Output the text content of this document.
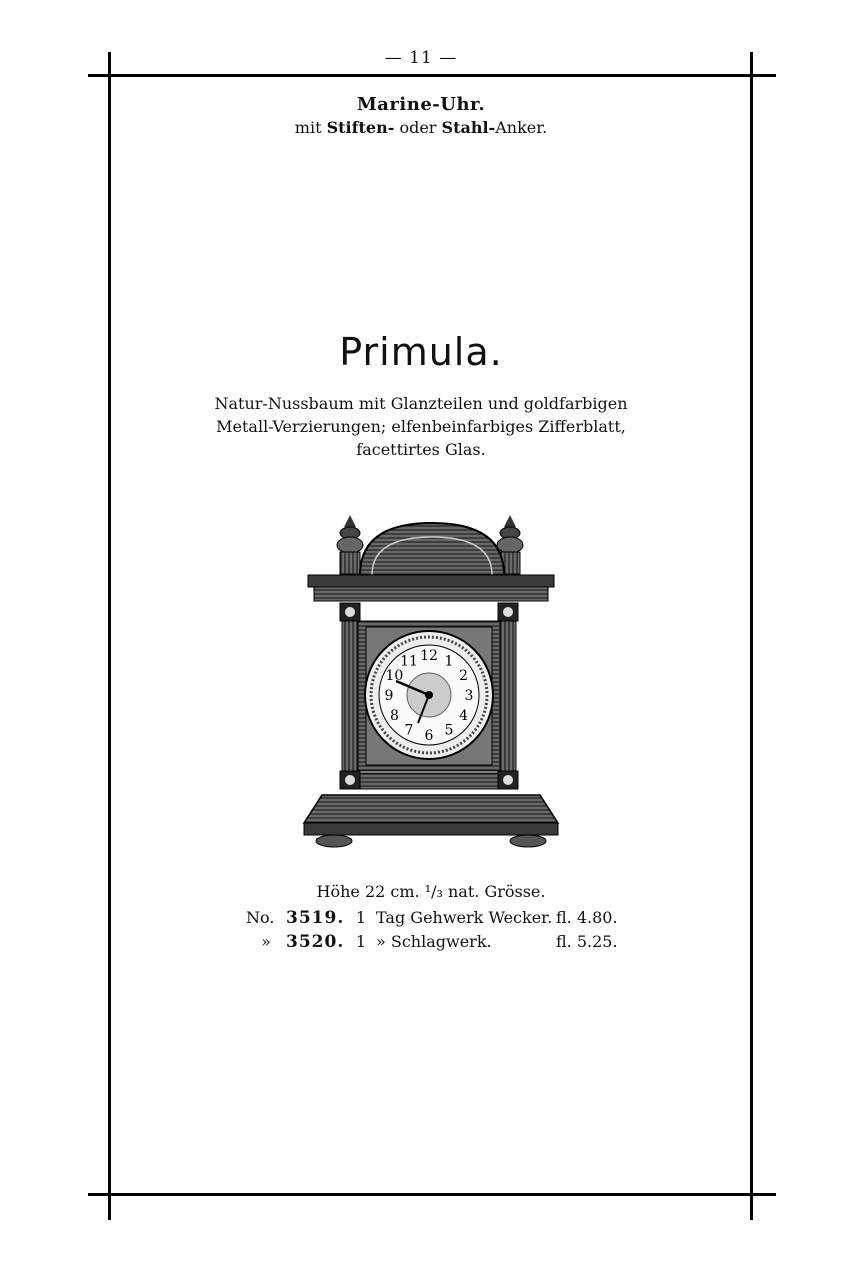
— 11 —
Marine-Uhr.
mit Stiften- oder Stahl-Anker.
Primula.
Natur-Nussbaum mit Glanzteilen und goldfarbigen
Metall-Verzierungen; elfenbeinfarbiges Zifferblatt,
facettirtes Glas.
12 1
2
3
4
5
6
7
8
9
10
11
Höhe 22 cm. ¹/₃ nat. Grösse.
No.	3519.	1	Tag Gehwerk Wecker.	fl. 4.80.
»	3520.	1	» Schlagwerk.	fl. 5.25.
